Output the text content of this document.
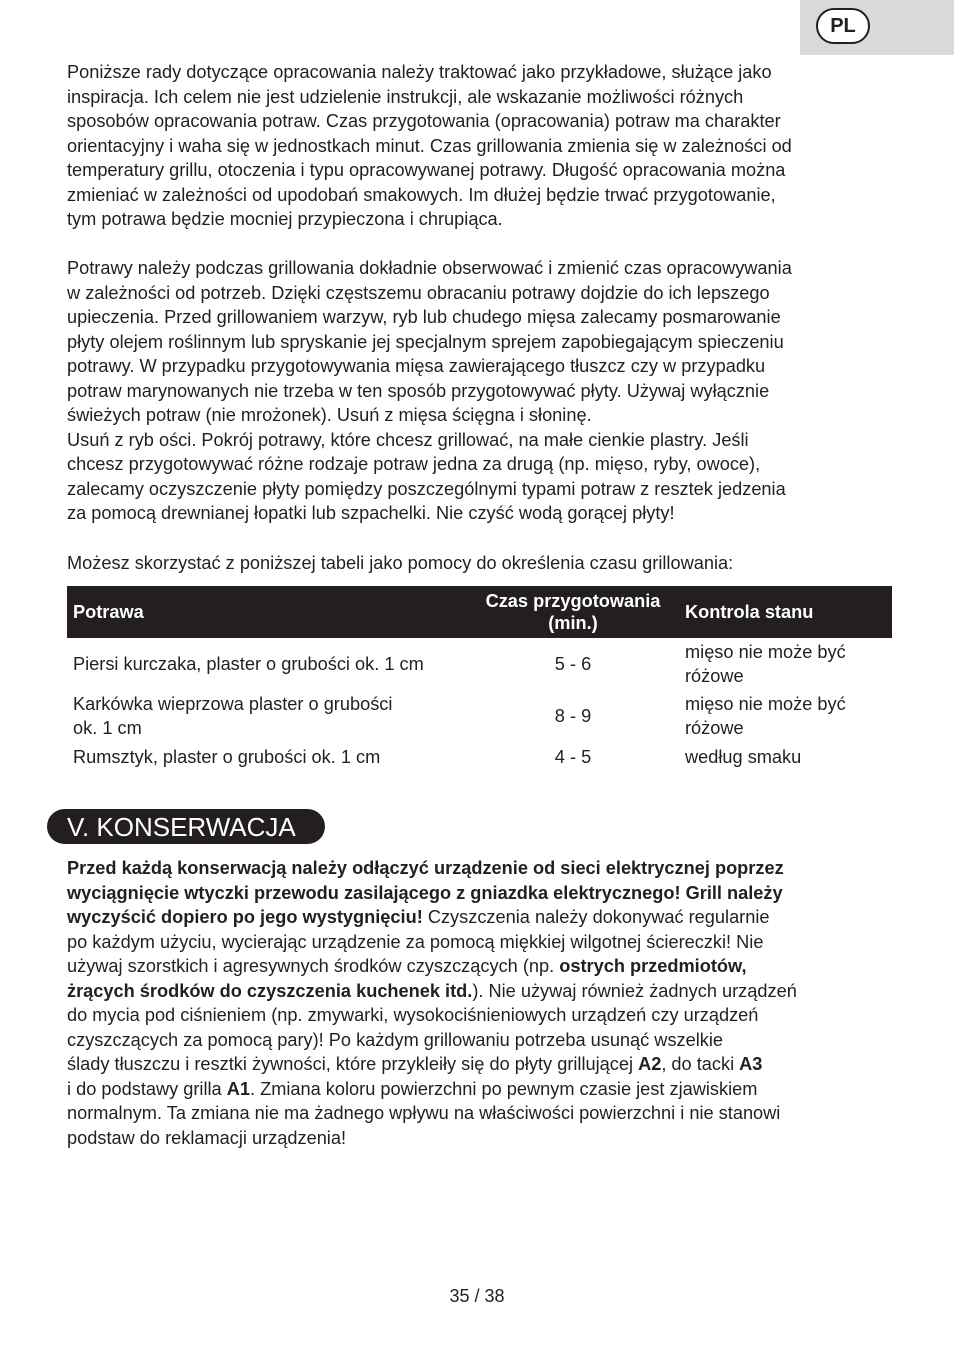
PL

Poniższe rady dotyczące opracowania należy traktować jako przykładowe, służące jako
inspiracja. Ich celem nie jest udzielenie instrukcji, ale wskazanie możliwości różnych
sposobów opracowania potraw. Czas przygotowania (opracowania) potraw ma charakter
orientacyjny i waha się w jednostkach minut. Czas grillowania zmienia się w zależności od
temperatury grillu, otoczenia i typu opracowywanej potrawy. Długość opracowania można
zmieniać w zależności od upodobań smakowych. Im dłużej będzie trwać przygotowanie,
tym potrawa będzie mocniej przypieczona i chrupiąca.

Potrawy należy podczas grillowania dokładnie obserwować i zmienić czas opracowywania
w zależności od potrzeb. Dzięki częstszemu obracaniu potrawy dojdzie do ich lepszego
upieczenia. Przed grillowaniem warzyw, ryb lub chudego mięsa zalecamy posmarowanie
płyty olejem roślinnym lub spryskanie jej specjalnym sprejem zapobiegającym spieczeniu
potrawy. W przypadku przygotowywania mięsa zawierającego tłuszcz czy w przypadku
potraw marynowanych nie trzeba w ten sposób przygotowywać płyty. Używaj wyłącznie
świeżych potraw (nie mrożonek). Usuń z mięsa ścięgna i słoninę.
Usuń z ryb ości. Pokrój potrawy, które chcesz grillować, na małe cienkie plastry. Jeśli
chcesz przygotowywać różne rodzaje potraw jedna za drugą (np. mięso, ryby, owoce),
zalecamy oczyszczenie płyty pomiędzy poszczególnymi typami potraw z resztek jedzenia
za pomocą drewnianej łopatki lub szpachelki. Nie czyść wodą gorącej płyty!

Możesz skorzystać z poniższej tabeli jako pomocy do określenia czasu grillowania:

Potrawa	Czas przygotowania
(min.)	Kontrola stanu

Piersi kurczaka, plaster o grubości ok. 1 cm	5 - 6	mięso nie może być
różowe

Karkówka wieprzowa plaster o grubości
ok. 1 cm	8 - 9	mięso nie może być
różowe

Rumsztyk, plaster o grubości ok. 1 cm	4 - 5	według smaku
V. KONSERWACJA

Przed każdą konserwacją należy odłączyć urządzenie od sieci elektrycznej poprzez
wyciągnięcie wtyczki przewodu zasilającego z gniazdka elektrycznego! Grill należy
wyczyścić dopiero po jego wystygnięciu! Czyszczenia należy dokonywać regularnie
po każdym użyciu, wycierając urządzenie za pomocą miękkiej wilgotnej ściereczki! Nie
używaj szorstkich i agresywnych środków czyszczących (np. ostrych przedmiotów,
żrących środków do czyszczenia kuchenek itd.). Nie używaj również żadnych urządzeń
do mycia pod ciśnieniem (np. zmywarki, wysokociśnieniowych urządzeń czy urządzeń
czyszczących za pomocą pary)! Po każdym grillowaniu potrzeba usunąć wszelkie
ślady tłuszczu i resztki żywności, które przykleiły się do płyty grillującej A2, do tacki A3
i do podstawy grilla A1. Zmiana koloru powierzchni po pewnym czasie jest zjawiskiem
normalnym. Ta zmiana nie ma żadnego wpływu na właściwości powierzchni i nie stanowi
podstaw do reklamacji urządzenia!

35 / 38
